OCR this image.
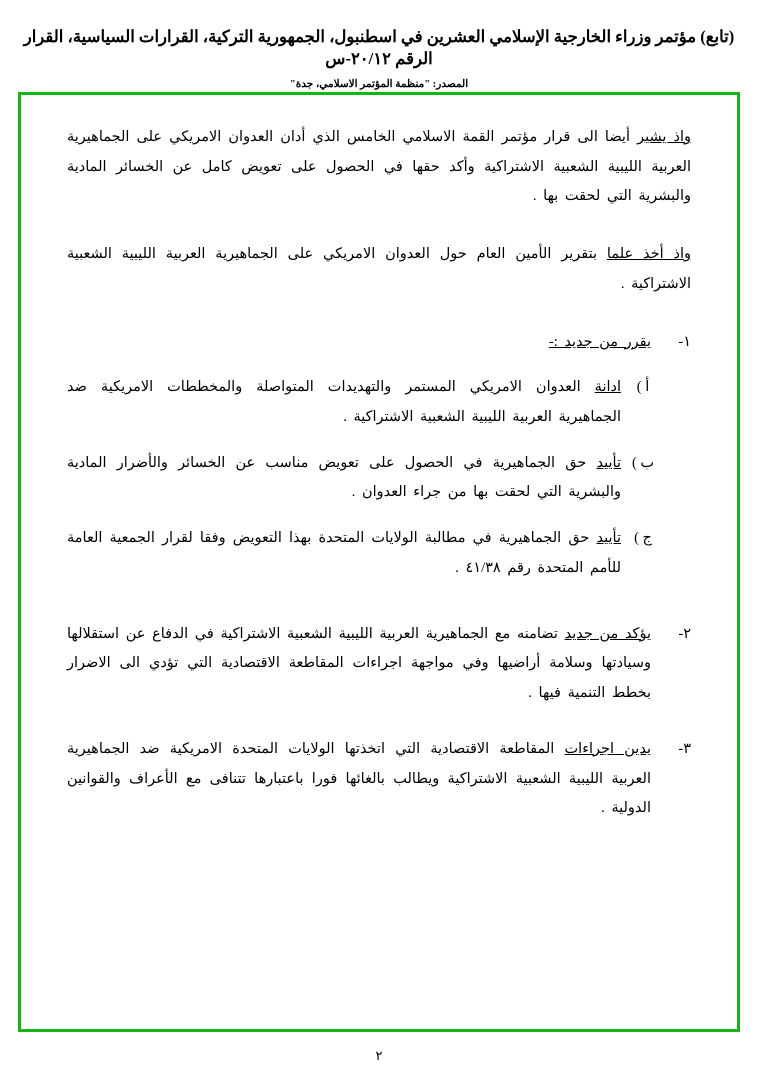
(تابع) مؤتمر وزراء الخارجية الإسلامي العشرين في اسطنبول، الجمهورية التركية، القرارات السياسية، القرار الرقم ٢٠/١٢-س
المصدر: "منظمة المؤتمر الاسلامي، جدة"
واذ يشير أيضا الى قرار مؤتمر القمة الاسلامي الخامس الذي أدان العدوان الامريكي على الجماهيرية العربية الليبية الشعبية الاشتراكية وأكد حقها في الحصول على تعويض كامل عن الخسائر المادية والبشرية التي لحقت بها .
واذ أخذ علما بتقرير الأمين العام حول العدوان الامريكي على الجماهيرية العربية الليبية الشعبية الاشتراكية .
١-
يقرر من جديد :-
أ )
ادانة العدوان الامريكي المستمر والتهديدات المتواصلة والمخططات الامريكية ضد الجماهيرية العربية الليبية الشعبية الاشتراكية .
ب )
تأييد حق الجماهيرية في الحصول على تعويض مناسب عن الخسائر والأضرار المادية والبشرية التي لحقت بها من جراء العدوان .
ج )
تأييد حق الجماهيرية في مطالبة الولايات المتحدة بهذا التعويض وفقا لقرار الجمعية العامة للأمم المتحدة رقم ٤١/٣٨ .
٢-
يؤكد من جديد تضامنه مع الجماهيرية العربية الليبية الشعبية الاشتراكية في الدفاع عن استقلالها وسيادتها وسلامة أراضيها وفي مواجهة اجراءات المقاطعة الاقتصادية التي تؤدي الى الاضرار بخطط التنمية فيها .
٣-
يدين اجراءات المقاطعة الاقتصادية التي اتخذتها الولايات المتحدة الامريكية ضد الجماهيرية العربية الليبية الشعبية الاشتراكية ويطالب بالغائها فورا باعتبارها تتنافى مع الأعراف والقوانين الدولية .
٢
